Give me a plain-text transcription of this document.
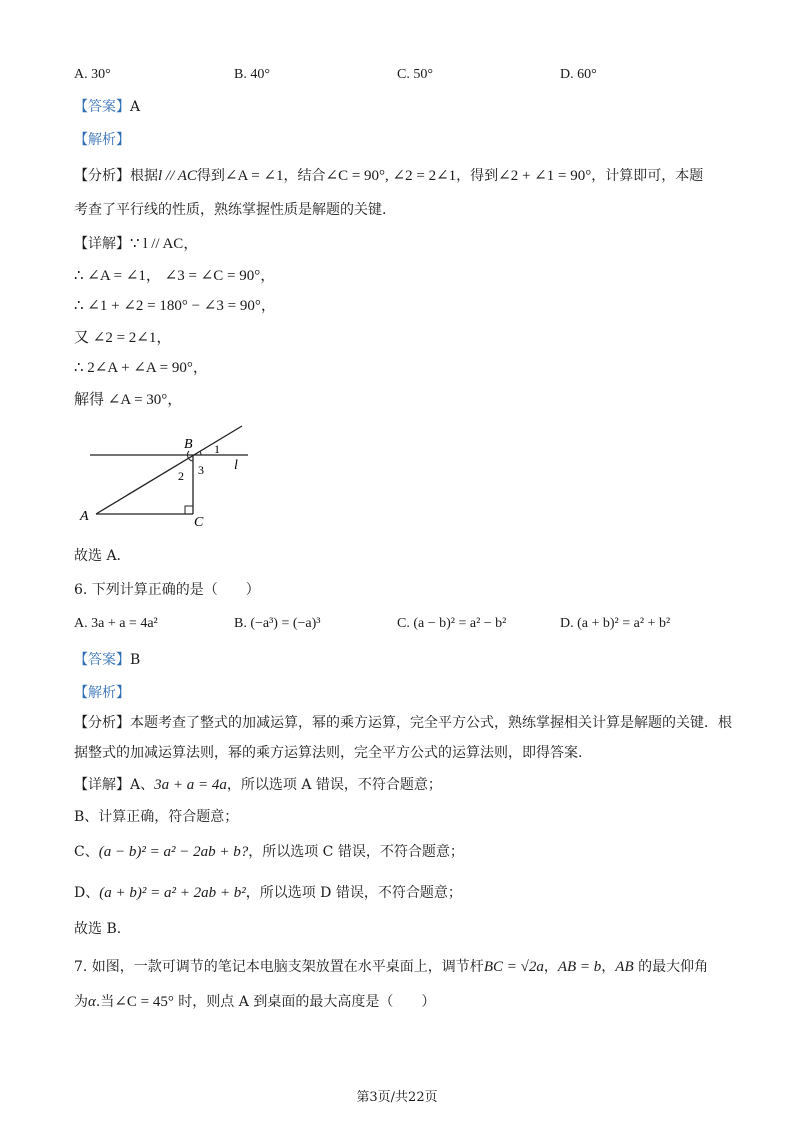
A. 30°	B. 40°	C. 50°	D. 60°
【答案】A
【解析】
【分析】根据l // AC得到∠A = ∠1，结合∠C = 90°, ∠2 = 2∠1，得到∠2 + ∠1 = 90°，计算即可，本题
考查了平行线的性质，熟练掌握性质是解题的关键.
【详解】∵ l // AC，
∴ ∠A = ∠1， ∠3 = ∠C = 90°，
∴ ∠1 + ∠2 = 180° − ∠3 = 90°，
又 ∠2 = 2∠1，
∴ 2∠A + ∠A = 90°，
解得 ∠A = 30°，
B
A	C
l
1
2 3
故选 A.
6. 下列计算正确的是（　　）
A. 3a + a = 4a²	B. (−a³) = (−a)³	C. (a − b)² = a² − b²	D. (a + b)² = a² + b²
【答案】B
【解析】
【分析】本题考查了整式的加减运算，幂的乘方运算，完全平方公式，熟练掌握相关计算是解题的关键．根
据整式的加减运算法则，幂的乘方运算法则，完全平方公式的运算法则，即得答案.
【详解】A、3a + a = 4a，所以选项 A 错误，不符合题意；
B、计算正确，符合题意；
C、(a − b)² = a² − 2ab + b?，所以选项 C 错误，不符合题意；
D、(a + b)² = a² + 2ab + b²，所以选项 D 错误，不符合题意；
故选 B.
7. 如图，一款可调节的笔记本电脑支架放置在水平桌面上，调节杆BC = √2a，AB = b，AB 的最大仰角
为α.当∠C = 45° 时，则点 A 到桌面的最大高度是（　　）
第3页/共22页
